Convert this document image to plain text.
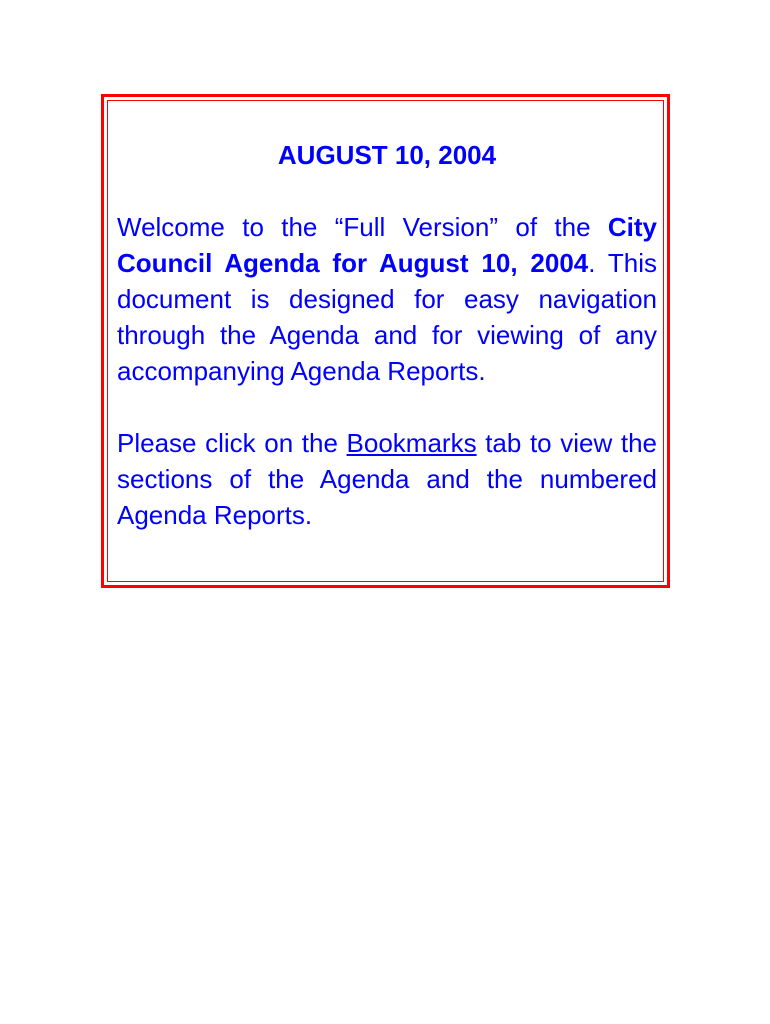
AUGUST 10, 2004
Welcome to the “Full Version” of the City Council Agenda for August 10, 2004. This document is designed for easy navigation through the Agenda and for viewing of any accompanying Agenda Reports.
Please click on the Bookmarks tab to view the sections of the Agenda and the numbered Agenda Reports.
